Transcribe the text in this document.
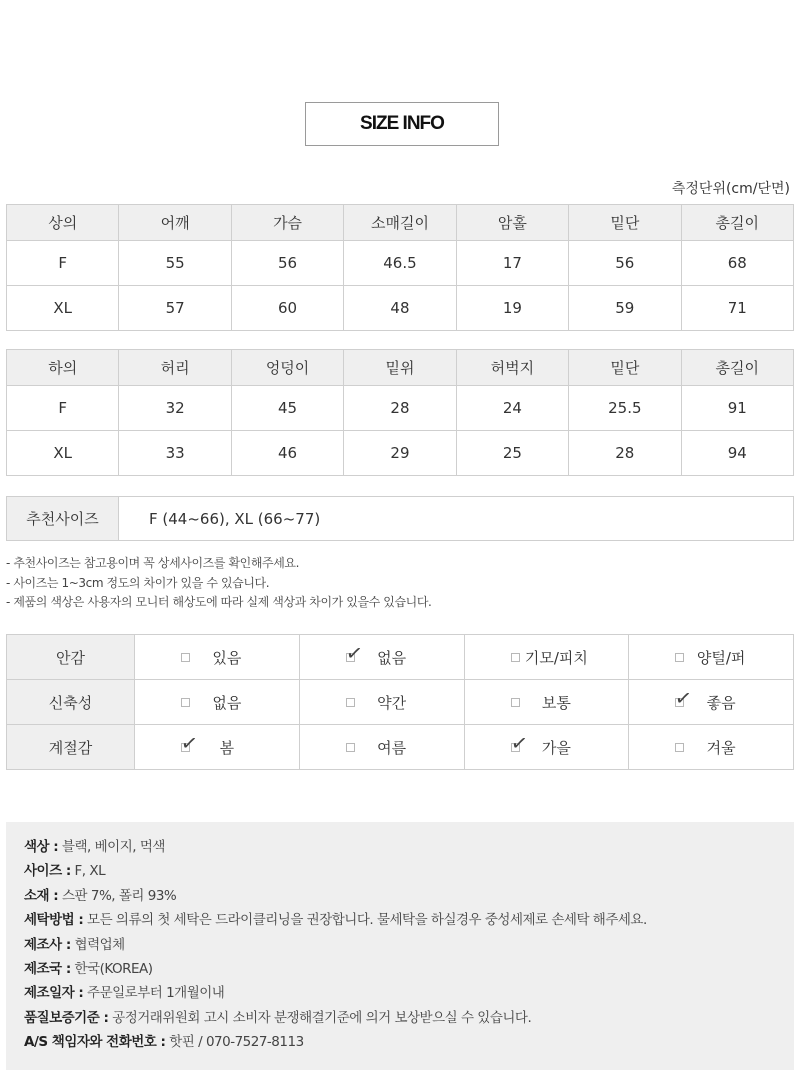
SIZE INFO
측정단위(cm/단면)
상의	어깨	가슴	소매길이	암홀	밑단	총길이
F	55	56	46.5	17	56	68
XL	57	60	48	19	59	71
하의	허리	엉덩이	밑위	허벅지	밑단	총길이
F	32	45	28	24	25.5	91
XL	33	46	29	25	28	94
추천사이즈	F (44~66), XL (66~77)
- 추천사이즈는 참고용이며 꼭 상세사이즈를 확인해주세요.
- 사이즈는 1~3cm 정도의 차이가 있을 수 있습니다.
- 제품의 색상은 사용자의 모니터 해상도에 따라 실제 색상과 차이가 있을수 있습니다.
안감	있음	✓ 없음	기모/피치	양털/퍼

신축성	없음	약간	보통	✓ 좋음

계절감	✓ 봄	여름	✓ 가을	겨울
색상 : 블랙, 베이지, 먹색
사이즈 : F, XL
소재 : 스판 7%, 폴리 93%
세탁방법 : 모든 의류의 첫 세탁은 드라이클리닝을 권장합니다. 물세탁을 하실경우 중성세제로 손세탁 해주세요.
제조사 : 협력업체
제조국 : 한국(KOREA)
제조일자 : 주문일로부터 1개월이내
품질보증기준 : 공정거래위원회 고시 소비자 분쟁해결기준에 의거 보상받으실 수 있습니다.
A/S 책임자와 전화번호 : 핫핀 / 070-7527-8113
